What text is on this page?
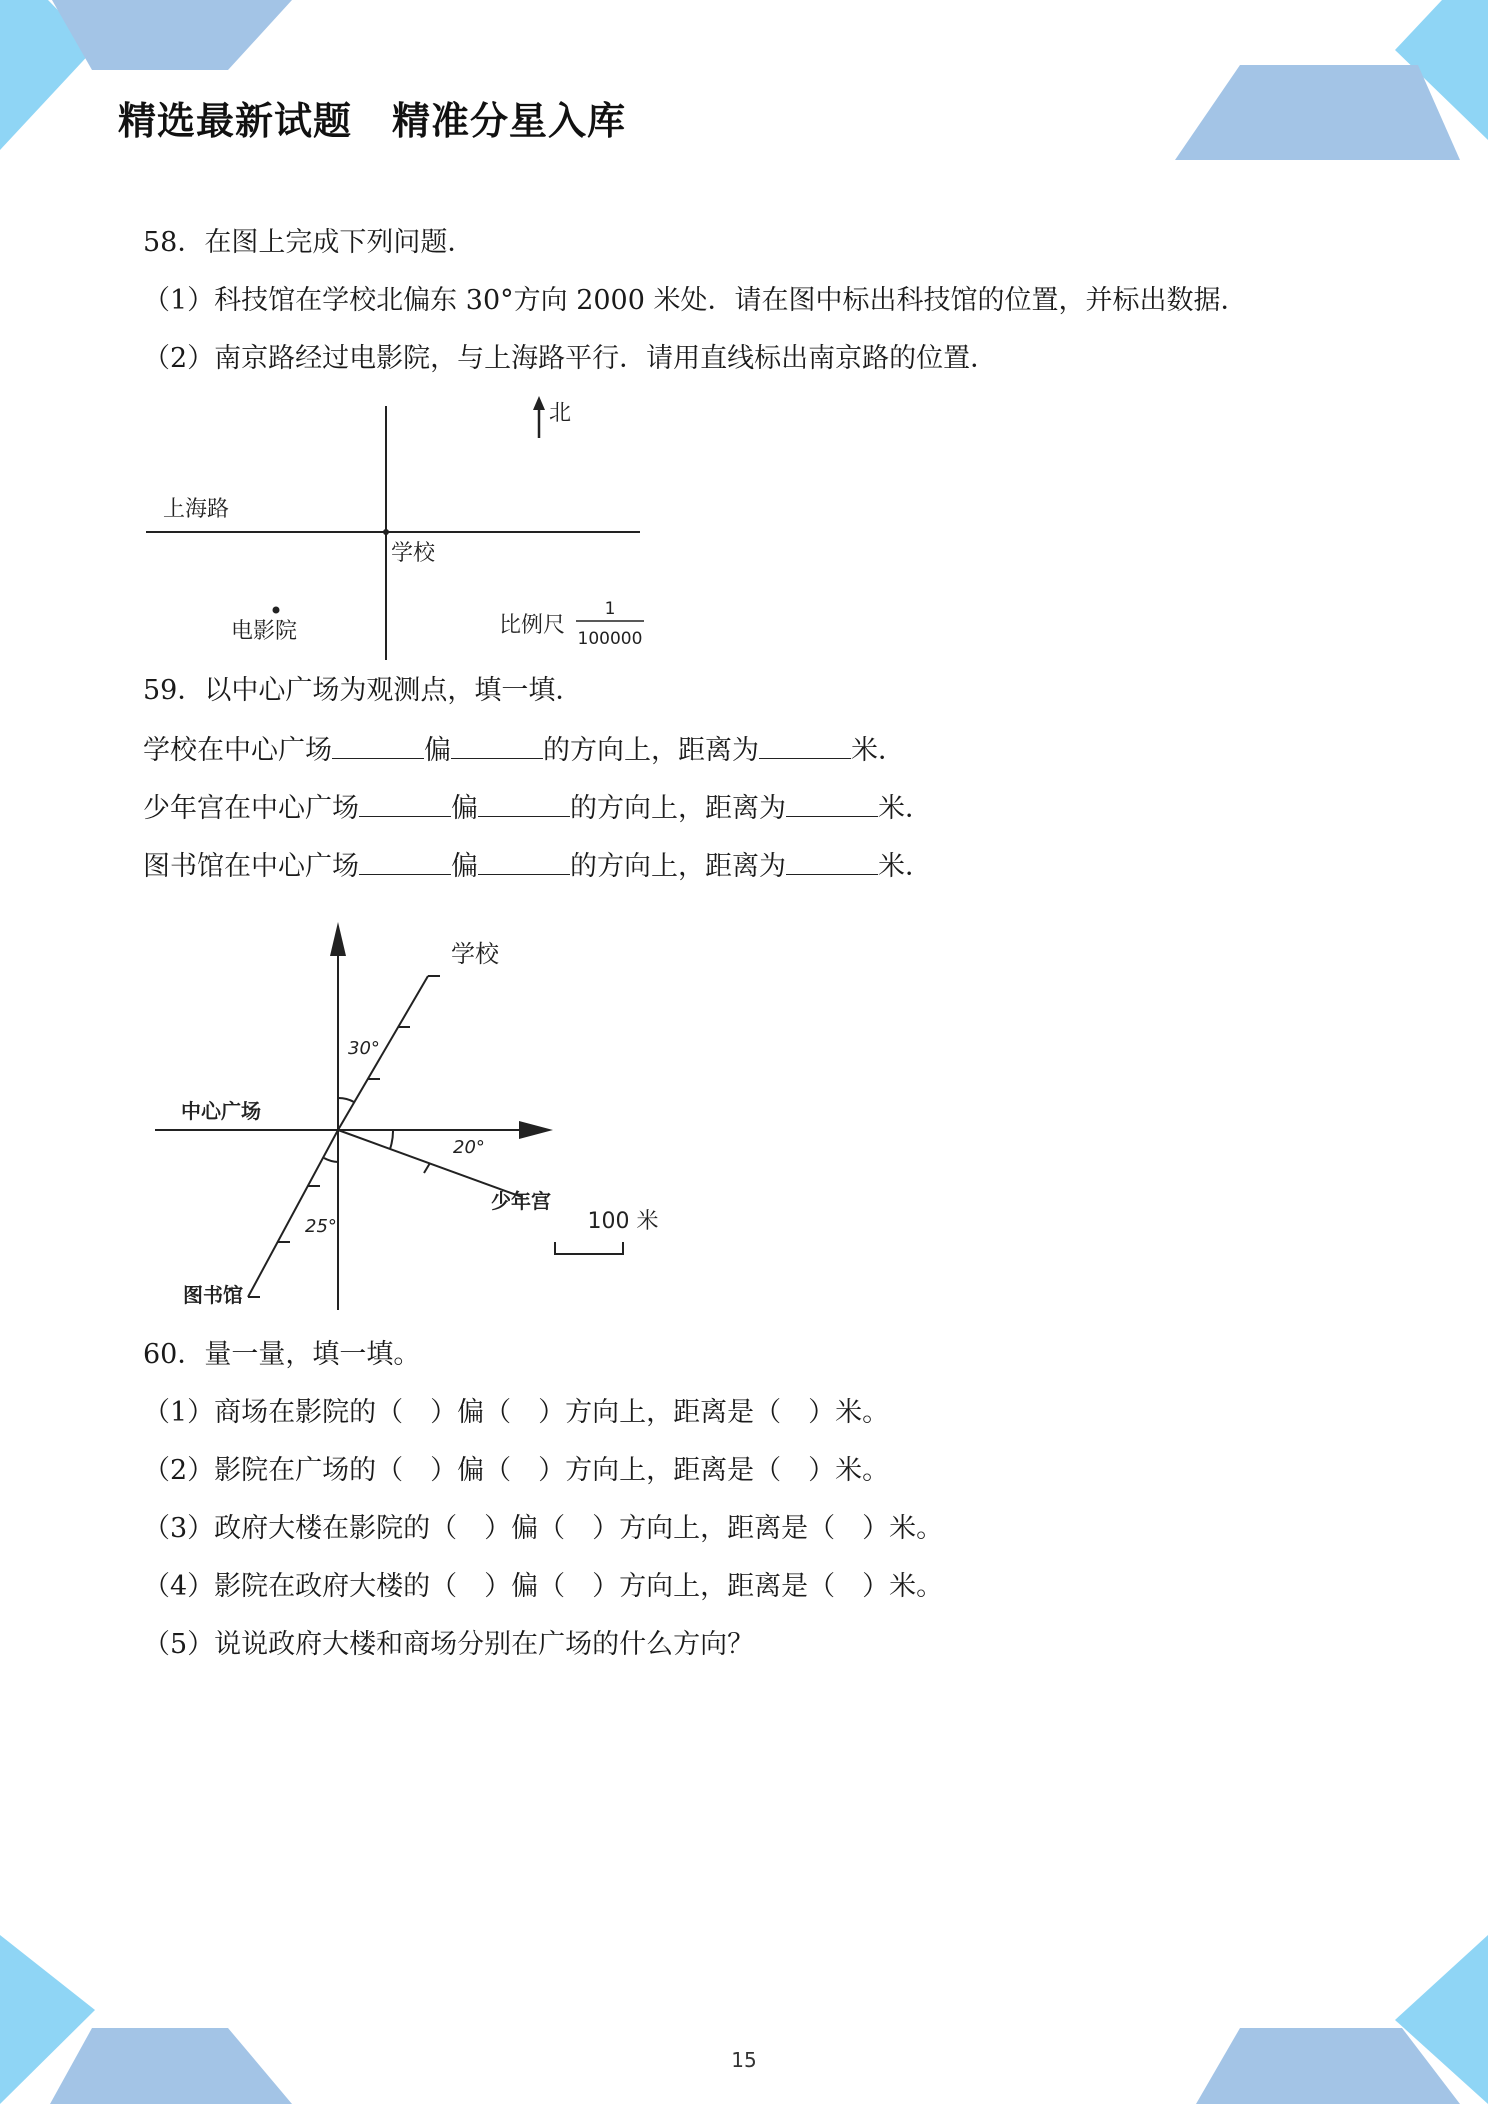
精选最新试题 精准分星入库
58．在图上完成下列问题．
（1）科技馆在学校北偏东 30°方向 2000 米处．请在图中标出科技馆的位置，并标出数据．
（2）南京路经过电影院，与上海路平行．请用直线标出南京路的位置．
北
上海路
学校
电影院	比例尺
1
100000
59．以中心广场为观测点，填一填．
学校在中心广场	偏	的方向上，距离为	米．
少年宫在中心广场	偏	的方向上，距离为	米．
图书馆在中心广场	偏	的方向上，距离为	米．
学校
30°
中心广场
20°
少年宫
25°
图书馆
100 米
60．量一量，填一填。
（1）商场在影院的（　）偏（　）方向上，距离是（　）米。
（2）影院在广场的（　）偏（　）方向上，距离是（　）米。
（3）政府大楼在影院的（　）偏（　）方向上，距离是（　）米。
（4）影院在政府大楼的（　）偏（　）方向上，距离是（　）米。
（5）说说政府大楼和商场分别在广场的什么方向？
15
